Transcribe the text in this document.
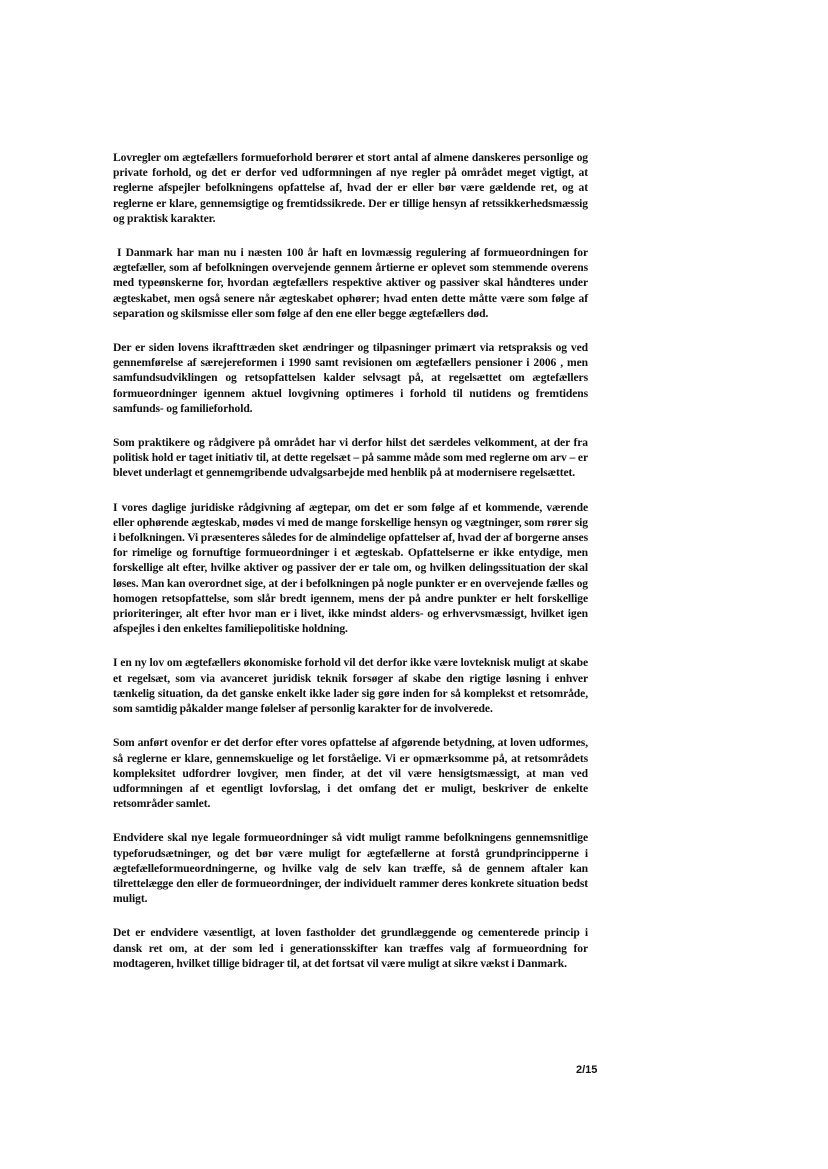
Lovregler om ægtefællers formueforhold berører et stort antal af almene danskeres personlige og private forhold, og det er derfor ved udformningen af nye regler på området meget vigtigt, at reglerne afspejler befolkningens opfattelse af, hvad der er eller bør være gældende ret, og at reglerne er klare, gennemsigtige og fremtidssikrede. Der er tillige hensyn af retssikkerhedsmæssig og praktisk karakter.

I Danmark har man nu i næsten 100 år haft en lovmæssig regulering af formueordningen for ægtefæller, som af befolkningen overvejende gennem årtierne er oplevet som stemmende overens med typeønskerne for, hvordan ægtefællers respektive aktiver og passiver skal håndteres under ægteskabet, men også senere når ægteskabet ophører; hvad enten dette måtte være som følge af separation og skilsmisse eller som følge af den ene eller begge ægtefællers død.

Der er siden lovens ikrafttræden sket ændringer og tilpasninger primært via retspraksis og ved gennemførelse af særejereformen i 1990 samt revisionen om ægtefællers pensioner i 2006 , men samfundsudviklingen og retsopfattelsen kalder selvsagt på, at regelsættet om ægtefællers formueordninger igennem aktuel lovgivning optimeres i forhold til nutidens og fremtidens samfunds- og familieforhold.

Som praktikere og rådgivere på området har vi derfor hilst det særdeles velkomment, at der fra politisk hold er taget initiativ til, at dette regelsæt – på samme måde som med reglerne om arv – er blevet underlagt et gennemgribende udvalgsarbejde med henblik på at modernisere regelsættet.

I vores daglige juridiske rådgivning af ægtepar, om det er som følge af et kommende, værende eller ophørende ægteskab, mødes vi med de mange forskellige hensyn og vægtninger, som rører sig i befolkningen. Vi præsenteres således for de almindelige opfattelser af, hvad der af borgerne anses for rimelige og fornuftige formueordninger i et ægteskab. Opfattelserne er ikke entydige, men forskellige alt efter, hvilke aktiver og passiver der er tale om, og hvilken delingssituation der skal løses. Man kan overordnet sige, at der i befolkningen på nogle punkter er en overvejende fælles og homogen retsopfattelse, som slår bredt igennem, mens der på andre punkter er helt forskellige prioriteringer, alt efter hvor man er i livet, ikke mindst alders- og erhvervsmæssigt, hvilket igen afspejles i den enkeltes familiepolitiske holdning.

I en ny lov om ægtefællers økonomiske forhold vil det derfor ikke være lovteknisk muligt at skabe et regelsæt, som via avanceret juridisk teknik forsøger af skabe den rigtige løsning i enhver tænkelig situation, da det ganske enkelt ikke lader sig gøre inden for så komplekst et retsområde, som samtidig påkalder mange følelser af personlig karakter for de involverede.

Som anført ovenfor er det derfor efter vores opfattelse af afgørende betydning, at loven udformes, så reglerne er klare, gennemskuelige og let forståelige. Vi er opmærksomme på, at retsområdets kompleksitet udfordrer lovgiver, men finder, at det vil være hensigtsmæssigt, at man ved udformningen af et egentligt lovforslag, i det omfang det er muligt, beskriver de enkelte retsområder samlet.

Endvidere skal nye legale formueordninger så vidt muligt ramme befolkningens gennemsnitlige typeforudsætninger, og det bør være muligt for ægtefællerne at forstå grundprincipperne i ægtefælleformueordningerne, og hvilke valg de selv kan træffe, så de gennem aftaler kan tilrettelægge den eller de formueordninger, der individuelt rammer deres konkrete situation bedst muligt.

Det er endvidere væsentligt, at loven fastholder det grundlæggende og cementerede princip i dansk ret om, at der som led i generationsskifter kan træffes valg af formueordning for modtageren, hvilket tillige bidrager til, at det fortsat vil være muligt at sikre vækst i Danmark.

2/15
